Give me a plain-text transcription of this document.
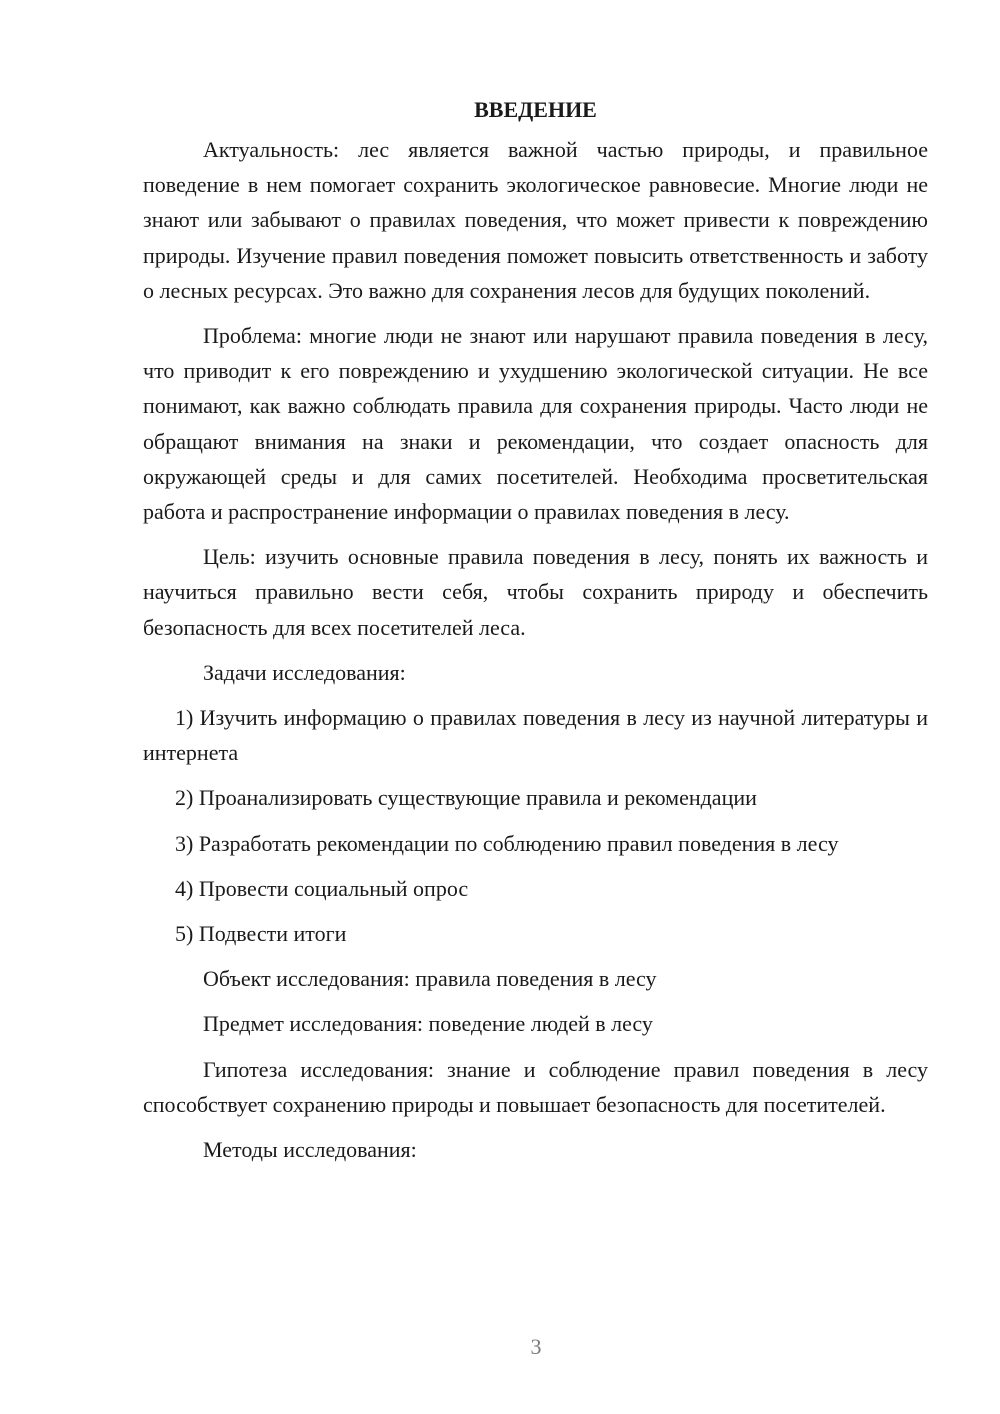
ВВЕДЕНИЕ

Актуальность: лес является важной частью природы, и правильное поведение в нем помогает сохранить экологическое равновесие. Многие люди не знают или забывают о правилах поведения, что может привести к повреждению природы. Изучение правил поведения поможет повысить ответственность и заботу о лесных ресурсах. Это важно для сохранения лесов для будущих поколений.

Проблема: многие люди не знают или нарушают правила поведения в лесу, что приводит к его повреждению и ухудшению экологической ситуации. Не все понимают, как важно соблюдать правила для сохранения природы. Часто люди не обращают внимания на знаки и рекомендации, что создает опасность для окружающей среды и для самих посетителей. Необходима просветительская работа и распространение информации о правилах поведения в лесу.

Цель: изучить основные правила поведения в лесу, понять их важность и научиться правильно вести себя, чтобы сохранить природу и обеспечить безопасность для всех посетителей леса.

Задачи исследования:

1) Изучить информацию о правилах поведения в лесу из научной литературы и интернета

2) Проанализировать существующие правила и рекомендации

3) Разработать рекомендации по соблюдению правил поведения в лесу

4) Провести социальный опрос

5) Подвести итоги

Объект исследования: правила поведения в лесу

Предмет исследования: поведение людей в лесу

Гипотеза исследования: знание и соблюдение правил поведения в лесу способствует сохранению природы и повышает безопасность для посетителей.

Методы исследования:

3
